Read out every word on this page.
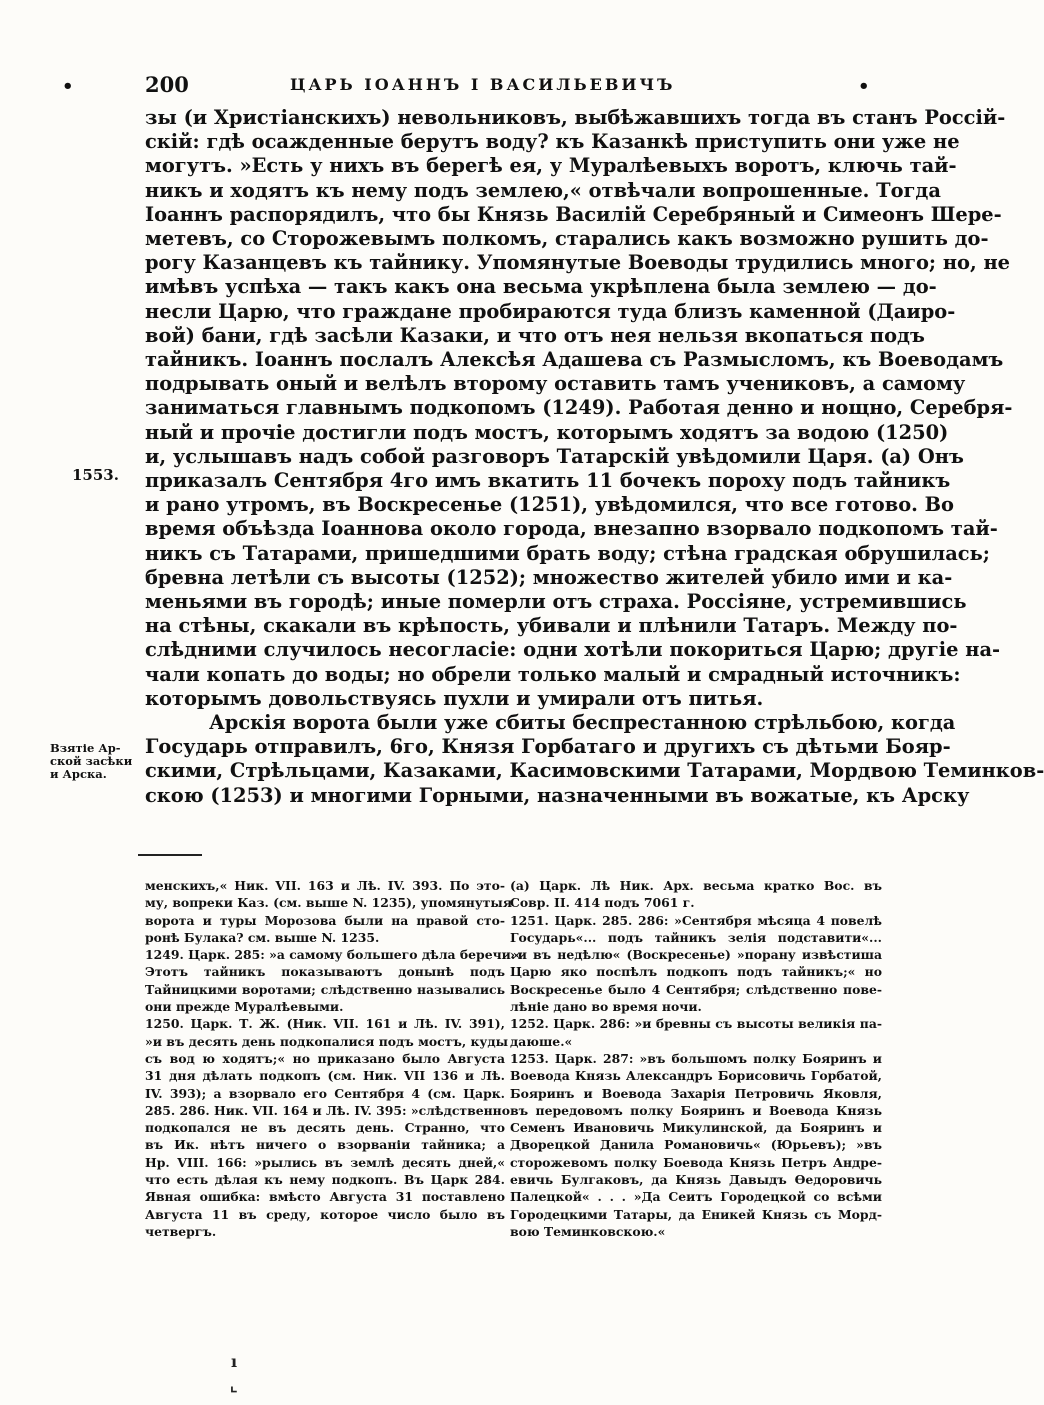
200	ЦАРЬ ІОАННЪ І ВАСИЛЬЕВИЧЪ
•	•
зы (и Христіанскихъ) невольниковъ, выбѣжавшихъ тогда въ станъ Россій-
скій: гдѣ осажденные берутъ воду? къ Казанкѣ приступить они уже не
могутъ. »Есть у нихъ въ берегѣ ея, у Муралѣевыхъ воротъ, ключь тай-
никъ и ходятъ къ нему подъ землею,« отвѣчали вопрошенные. Тогда
Іоаннъ распорядилъ, что бы Князь Василій Серебряный и Симеонъ Шере-
метевъ, со Сторожевымъ полкомъ, старались какъ возможно рушить до-
рогу Казанцевъ къ тайнику. Упомянутые Воеводы трудились много; но, не
имѣвъ успѣха — такъ какъ она весьма укрѣплена была землею — до-
несли Царю, что граждане пробираются туда близъ каменной (Даиро-
вой) бани, гдѣ засѣли Казаки, и что отъ нея нельзя вкопаться подъ
тайникъ. Іоаннъ послалъ Алексѣя Адашева съ Размысломъ, къ Воеводамъ
подрывать оный и велѣлъ второму оставить тамъ учениковъ, а самому
заниматься главнымъ подкопомъ (1249). Работая денно и нощно, Серебря-
ный и прочіе достигли подъ мостъ, которымъ ходятъ за водою (1250)
и, услышавъ надъ собой разговоръ Татарскій увѣдомили Царя. (а) Онъ
приказалъ Сентября 4го имъ вкатить 11 бочекъ пороху подъ тайникъ
и рано утромъ, въ Воскресенье (1251), увѣдомился, что все готово. Во
время объѣзда Іоаннова около города, внезапно взорвало подкопомъ тай-
никъ съ Татарами, пришедшими брать воду; стѣна градская обрушилась;
бревна летѣли съ высоты (1252); множество жителей убило ими и ка-
меньями въ городѣ; иные померли отъ страха. Россіяне, устремившись
на стѣны, скакали въ крѣпость, убивали и плѣнили Татаръ. Между по-
слѣдними случилось несогласіе: одни хотѣли покориться Царю; другіе на-
чали копать до воды; но обрели только малый и смрадный источникъ:
которымъ довольствуясь пухли и умирали отъ питья.
Арскія ворота были уже сбиты беспрестанною стрѣльбою, когда
Государь отправилъ, 6го, Князя Горбатаго и другихъ съ дѣтьми Бояр-
скими, Стрѣльцами, Казаками, Касимовскими Татарами, Мордвою Теминков-
скою (1253) и многими Горными, назначенными въ вожатые, къ Арску
1553.
Взятіе Ар-
ской засѣки
и Арска.
менскихъ,« Ник. VII. 163 и Лѣ. IV. 393. По это-
му, вопреки Каз. (см. выше N. 1235), упомянутыя
ворота и туры Морозова были на правой сто-
ронѣ Булака? см. выше N. 1235.
1249. Царк. 285: »а самому большего дѣла беречи.«
Этотъ тайникъ показываютъ донынѣ подъ
Тайницкими воротами; слѣдственно назывались
они прежде Муралѣевыми.
1250. Царк. Т. Ж. (Ник. VII. 161 и Лѣ. IV. 391),
»и въ десять день подкопалися подъ мостъ, куды
съ вод ю ходятъ;« но приказано было Августа
31 дня дѣлать подкопъ (см. Ник. VII 136 и Лѣ.
IV. 393); а взорвало его Сентября 4 (см. Царк.
285. 286. Ник. VII. 164 и Лѣ. IV. 395: »слѣдственно
подкопался не въ десять день. Странно, что
въ Ик. нѣтъ ничего о взорваніи тайника; а
Нр. VIII. 166: »рылись въ землѣ десять дней,«
что есть дѣлая къ нему подкопъ. Въ Царк 284.
Явная ошибка: вмѣсто Августа 31 поставлено
Августа 11 въ среду, которое число было въ
четвергъ.
(а) Царк. Лѣ Ник. Арх. весьма кратко Вос. въ
Совр. II. 414 подъ 7061 г.
1251. Царк. 285. 286: »Сентября мѣсяца 4 повелѣ
Государь«... подъ тайникъ зелія подставити«...
»и въ недѣлю« (Воскресенье) »порану извѣстиша
Царю яко поспѣлъ подкопъ подъ тайникъ;« но
Воскресенье было 4 Сентября; слѣдственно пове-
лѣніе дано во время ночи.
1252. Царк. 286: »и бревны съ высоты великія па-
даюше.«
1253. Царк. 287: »въ большомъ полку Бояринъ и
Воевода Князь Александръ Борисовичь Горбатой,
Бояринъ и Воевода Захарія Петровичь Яковля,
въ передовомъ полку Бояринъ и Воевода Князь
Семенъ Ивановичь Микулинской, да Бояринъ и
Дворецкой Данила Романовичь« (Юрьевъ); »въ
сторожевомъ полку Боевода Князь Петръ Андре-
евичь Булгаковъ, да Князь Давыдъ Өедоровичь
Палецкой« . . . »Да Сеитъ Городецкой со всѣми
Городецкими Татары, да Еникей Князь съ Морд-
вою Теминковскою.«
ı
⌞
